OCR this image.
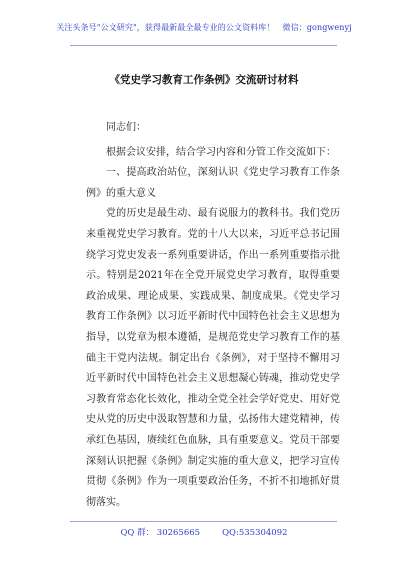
关注头条号"公文研究"，获得最新最全最专业的公文资料库！ 微信：gongwenyj
《党史学习教育工作条例》交流研讨材料

同志们：

根据会议安排，结合学习内容和分管工作交流如下：

一、提高政治站位，深刻认识《党史学习教育工作条例》的重大意义

党的历史是最生动、最有说服力的教科书。我们党历来重视党史学习教育。党的十八大以来，习近平总书记围绕学习党史发表一系列重要讲话，作出一系列重要指示批示。特别是2021年在全党开展党史学习教育，取得重要政治成果、理论成果、实践成果、制度成果。《党史学习教育工作条例》以习近平新时代中国特色社会主义思想为指导，以党章为根本遵循，是规范党史学习教育工作的基础主干党内法规。制定出台《条例》，对于坚持不懈用习近平新时代中国特色社会主义思想凝心铸魂，推动党史学习教育常态化长效化，推动全党全社会学好党史、用好党史从党的历史中汲取智慧和力量，弘扬伟大建党精神，传承红色基因，赓续红色血脉，具有重要意义。党员干部要深刻认识把握《条例》制定实施的重大意义，把学习宣传贯彻《条例》作为一项重要政治任务，不折不扣地抓好贯彻落实。

QQ 群： 30265665	QQ:535304092
